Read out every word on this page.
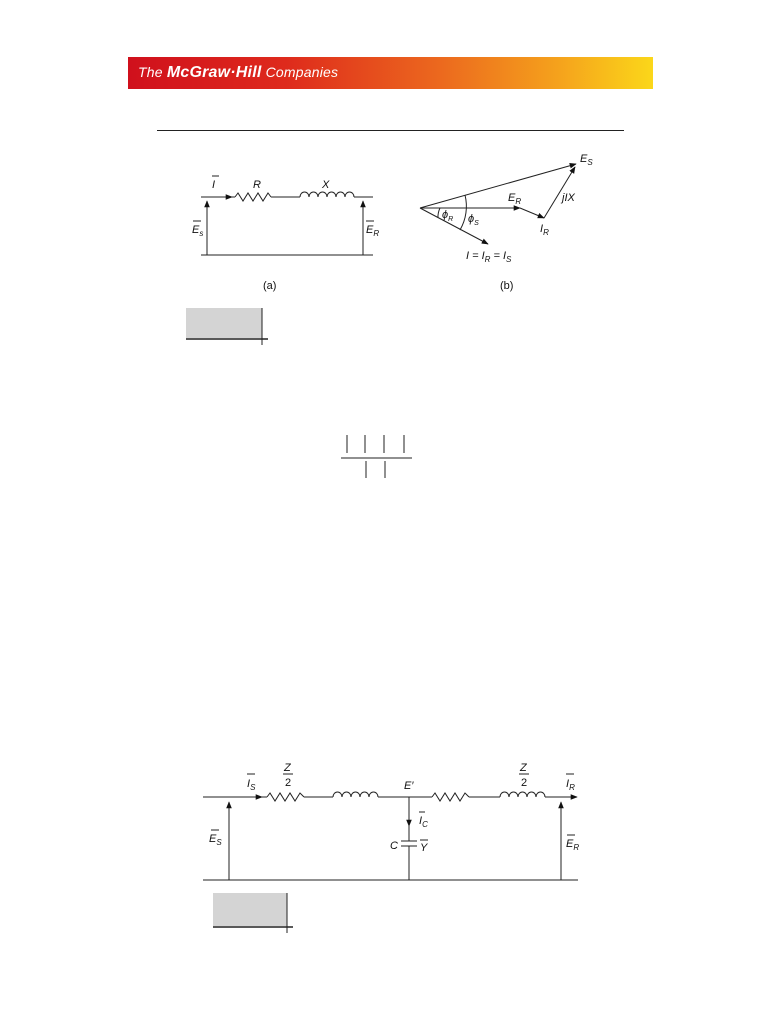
The McGraw·Hill Companies
I	R	X
$E_s$	$E_R$
(a)
$E_S$
$E_R$	jIX
$I_R$
$\phi_R$ $\phi_S$
$I = I_R = I_S$
(b)
$I_S$
Z
2
Z
2
E′	$I_R$
$I_C$
C Y
$E_S$	$E_R$
